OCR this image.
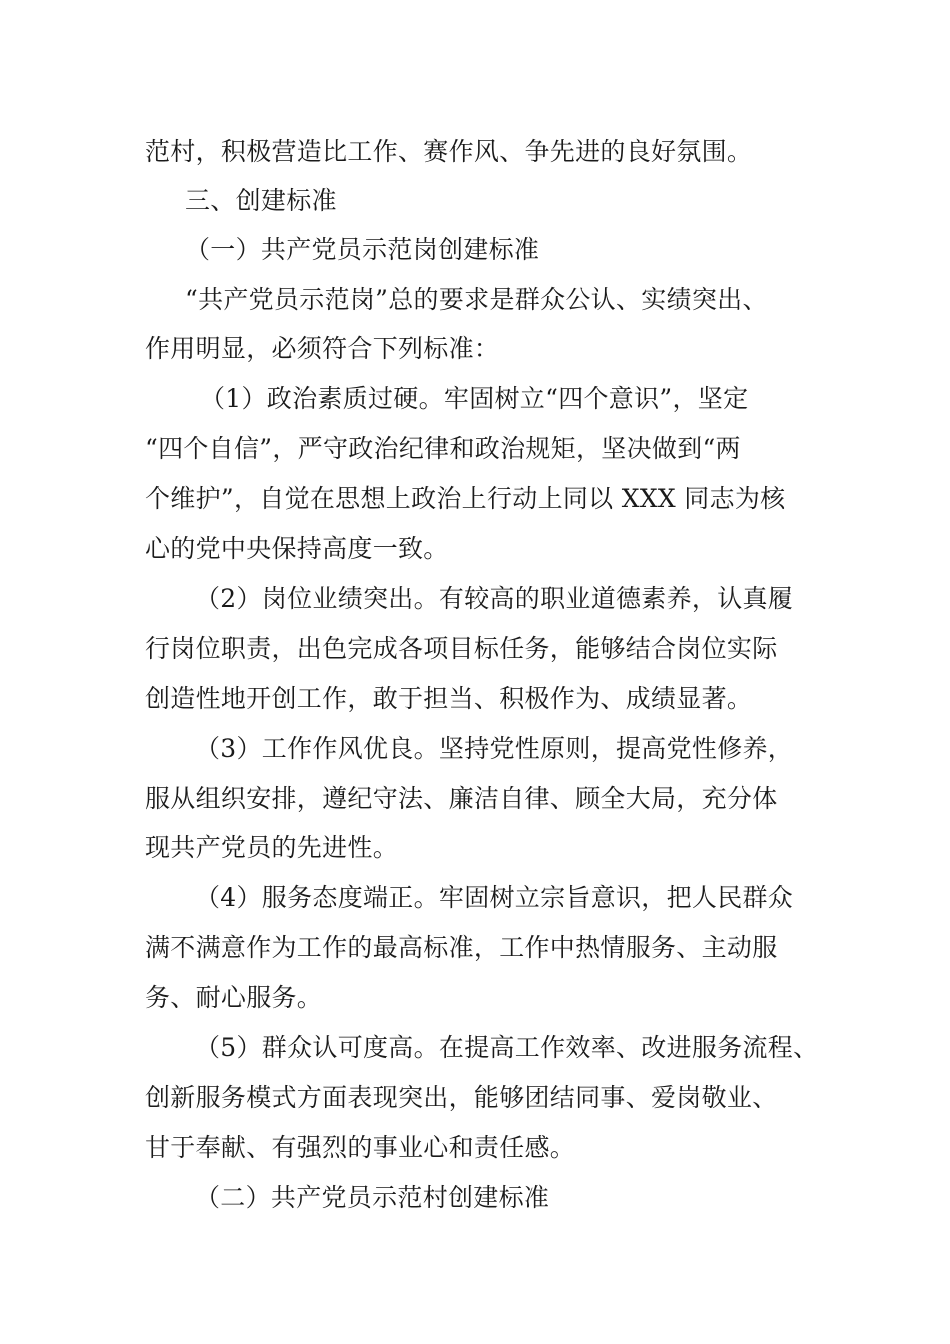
范村，积极营造比工作、赛作风、争先进的良好氛围。
三、创建标准
（一）共产党员示范岗创建标准
“共产党员示范岗”总的要求是群众公认、实绩突出、
作用明显，必须符合下列标准：
（1）政治素质过硬。牢固树立“四个意识”，坚定
“四个自信”，严守政治纪律和政治规矩，坚决做到“两
个维护”，自觉在思想上政治上行动上同以 XXX 同志为核
心的党中央保持高度一致。
（2）岗位业绩突出。有较高的职业道德素养，认真履
行岗位职责，出色完成各项目标任务，能够结合岗位实际
创造性地开创工作，敢于担当、积极作为、成绩显著。
（3）工作作风优良。坚持党性原则，提高党性修养，
服从组织安排，遵纪守法、廉洁自律、顾全大局，充分体
现共产党员的先进性。
（4）服务态度端正。牢固树立宗旨意识，把人民群众
满不满意作为工作的最高标准，工作中热情服务、主动服
务、耐心服务。
（5）群众认可度高。在提高工作效率、改进服务流程、
创新服务模式方面表现突出，能够团结同事、爱岗敬业、
甘于奉献、有强烈的事业心和责任感。
（二）共产党员示范村创建标准
